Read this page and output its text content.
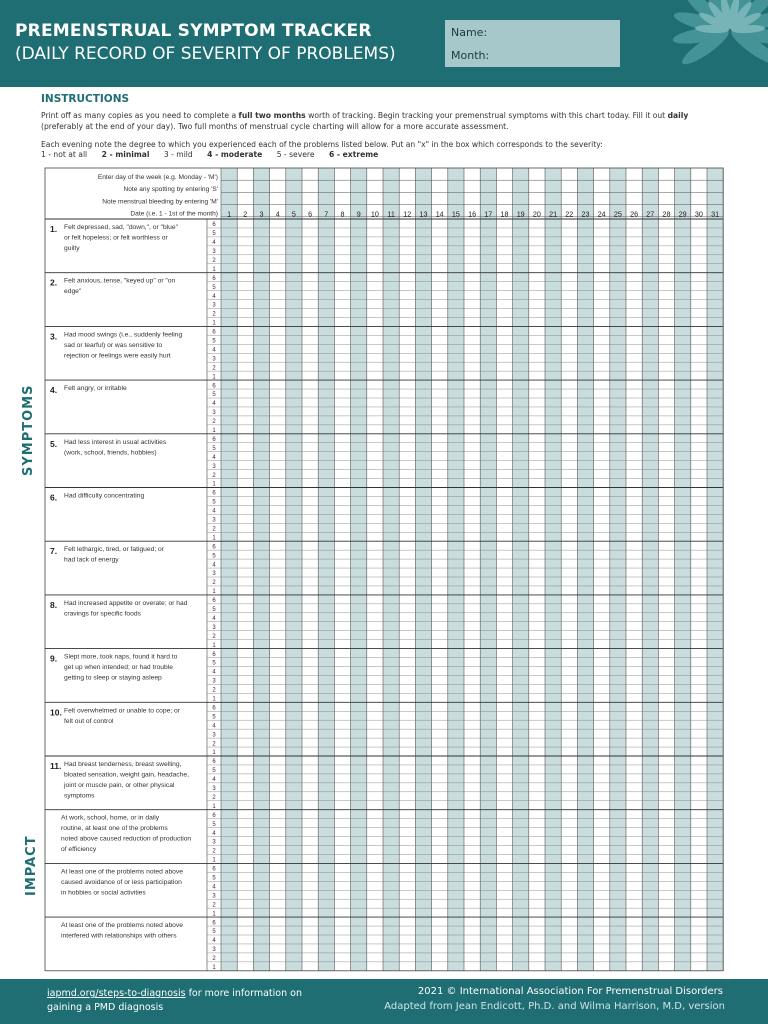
PREMENSTRUAL SYMPTOM TRACKER
(DAILY RECORD OF SEVERITY OF PROBLEMS)
Name:
Month:
INSTRUCTIONS
Print off as many copies as you need to complete a full two months worth of tracking. Begin tracking your premenstrual symptoms with this chart today. Fill it out daily (preferably at the end of your day). Two full months of menstrual cycle charting will allow for a more accurate assessment.
Each evening note the degree to which you experienced each of the problems listed below. Put an "x" in the box which corresponds to the severity:
1 - not at all 2 - minimal 3 - mild 4 - moderate 5 - severe 6 - extreme
Enter day of the week (e.g. Monday - 'M')
Note any spotting by entering 'S'
Note menstrual bleeding by entering 'M'
Date (i.e. 1 - 1st of the month) 1 2 3 4 5 6 7 8 9 10 11 12 13 14 15 16 17 18 19 20 21 22 23 24 25 26 27 28 29 30 31
6
5
4
3
2
1
1. Felt depressed, sad, "down,", or "blue" or felt hopeless; or felt worthless or guilty
6
5
4
3
2
1
2. Felt anxious, tense, "keyed up" or "on edge"
6
5
4
3
2
1
3. Had mood swings (i.e., suddenly feeling sad or tearful) or was sensitive to rejection or feelings were easily hurt
6
5
4
3
2
1
4. Felt angry, or irritable
6
5
4
3
2
1
5. Had less interest in usual activities (work, school, friends, hobbies)
6
5
4
3
2
1
6. Had difficulty concentrating
6
5
4
3
2
1
7. Felt lethargic, tired, or fatigued; or had lack of energy
6
5
4
3
2
1
8. Had increased appetite or overate; or had cravings for specific foods
6
5
4
3
2
1
9. Slept more, took naps, found it hard to get up when intended; or had trouble getting to sleep or staying asleep
6
5
4
3
2
1
10. Felt overwhelmed or unable to cope; or felt out of control
6
5
4
3
2
1
11. Had breast tenderness, breast swelling, bloated sensation, weight gain, headache, joint or muscle pain, or other physical symptoms
6
5
4
3
2
1
At work, school, home, or in daily routine, at least one of the problems noted above caused reduction of production of efficiency
6
5
4
3
2
1
At least one of the problems noted above caused avoidance of or less participation in hobbies or social activities
6
5
4
3
2
1
At least one of the problems noted above interfered with relationships with others
SYMPTOMS
IMPACT
iapmd.org/steps-to-diagnosis for more information on
gaining a PMD diagnosis
2021 © International Association For Premenstrual Disorders
Adapted from Jean Endicott, Ph.D. and Wilma Harrison, M.D, version
